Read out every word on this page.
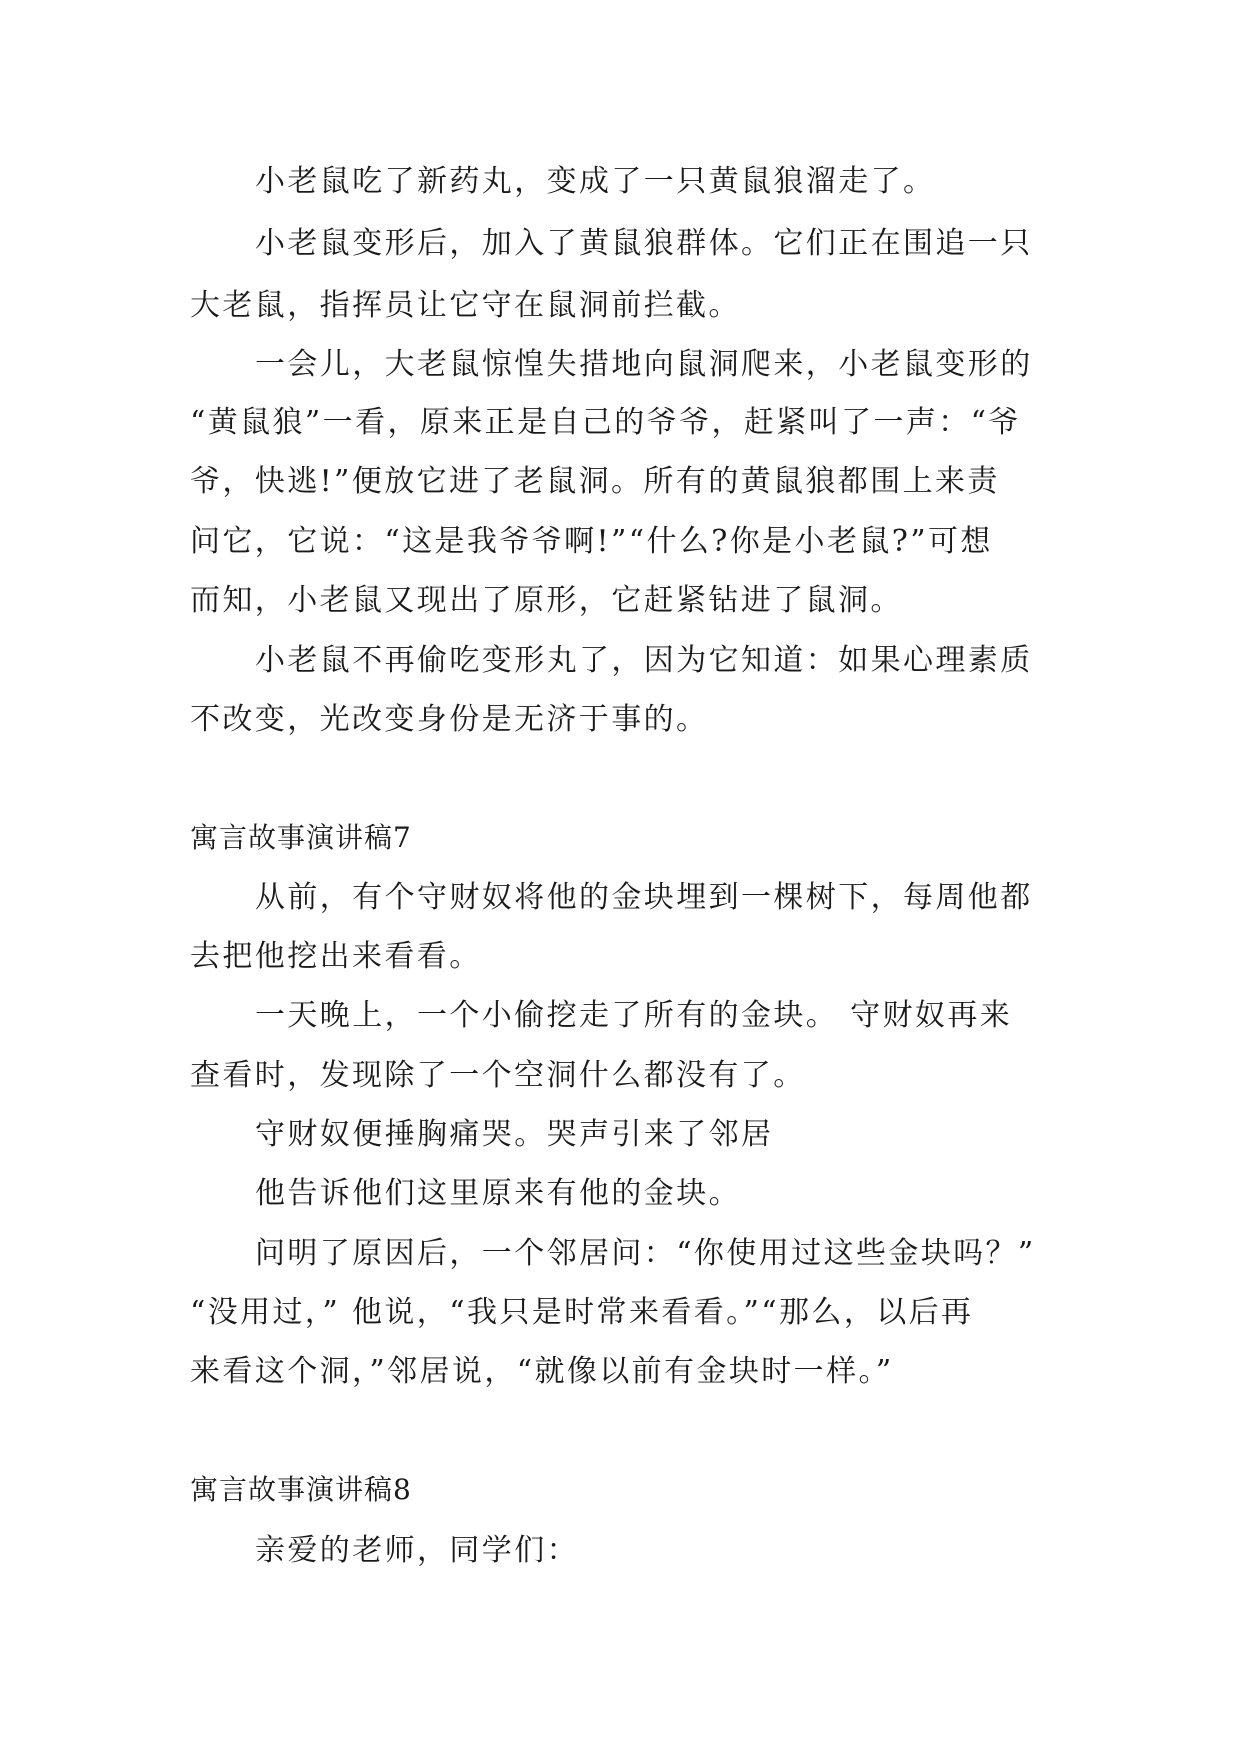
小老鼠吃了新药丸，变成了一只黄鼠狼溜走了。
小老鼠变形后，加入了黄鼠狼群体。它们正在围追一只
大老鼠，指挥员让它守在鼠洞前拦截。
一会儿，大老鼠惊惶失措地向鼠洞爬来，小老鼠变形的
“黄鼠狼”一看，原来正是自己的爷爷，赶紧叫了一声：“爷
爷，快逃!”便放它进了老鼠洞。所有的黄鼠狼都围上来责
问它，它说：“这是我爷爷啊!”“什么?你是小老鼠?”可想
而知，小老鼠又现出了原形，它赶紧钻进了鼠洞。
小老鼠不再偷吃变形丸了，因为它知道：如果心理素质
不改变，光改变身份是无济于事的。
寓言故事演讲稿7
从前，有个守财奴将他的金块埋到一棵树下，每周他都
去把他挖出来看看。
一天晚上，一个小偷挖走了所有的金块。 守财奴再来
查看时，发现除了一个空洞什么都没有了。
守财奴便捶胸痛哭。哭声引来了邻居
他告诉他们这里原来有他的金块。
问明了原因后，一个邻居问：“你使用过这些金块吗？”
“没用过，” 他说，“我只是时常来看看。”“那么，以后再
来看这个洞，”邻居说，“就像以前有金块时一样。”
寓言故事演讲稿8
亲爱的老师，同学们：
